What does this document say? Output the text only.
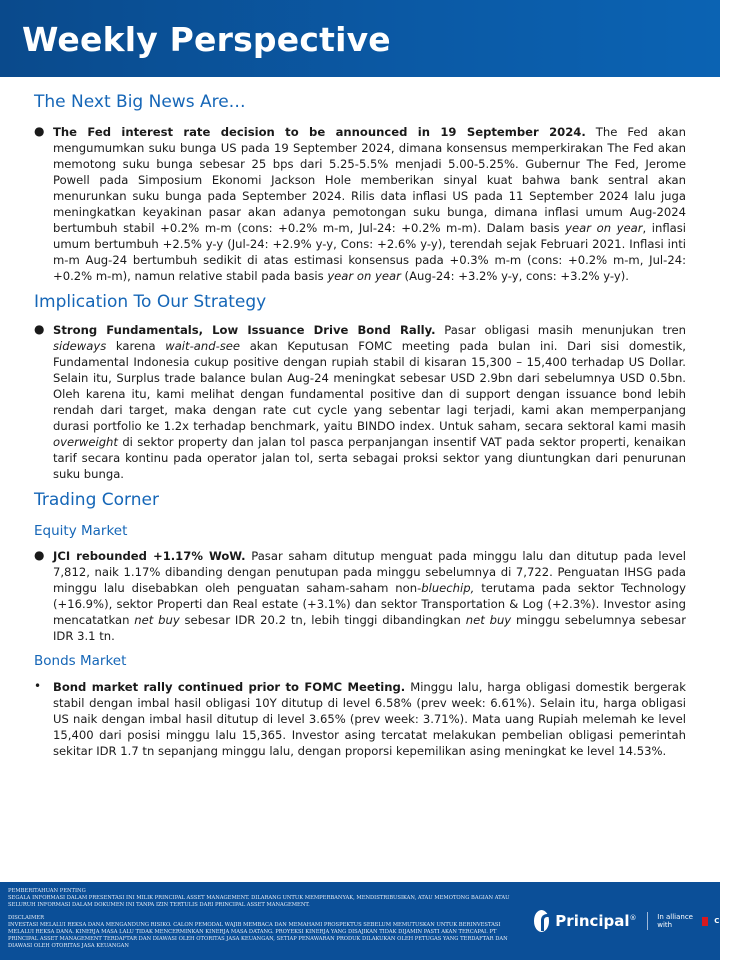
Weekly Perspective
The Next Big News Are…
● The Fed interest rate decision to be announced in 19 September 2024. The Fed akan mengumumkan suku bunga US pada 19 September 2024, dimana konsensus memperkirakan The Fed akan memotong suku bunga sebesar 25 bps dari 5.25-5.5% menjadi 5.00-5.25%. Gubernur The Fed, Jerome Powell pada Simposium Ekonomi Jackson Hole memberikan sinyal kuat bahwa bank sentral akan menurunkan suku bunga pada September 2024. Rilis data inflasi US pada 11 September 2024 lalu juga meningkatkan keyakinan pasar akan adanya pemotongan suku bunga, dimana inflasi umum Aug-2024 bertumbuh stabil +0.2% m-m (cons: +0.2% m-m, Jul-24: +0.2% m-m). Dalam basis year on year, inflasi umum bertumbuh +2.5% y-y (Jul-24: +2.9% y-y, Cons: +2.6% y-y), terendah sejak Februari 2021. Inflasi inti m-m Aug-24 bertumbuh sedikit di atas estimasi konsensus pada +0.3% m-m (cons: +0.2% m-m, Jul-24: +0.2% m-m), namun relative stabil pada basis year on year (Aug-24: +3.2% y-y, cons: +3.2% y-y).
Implication To Our Strategy
● Strong Fundamentals, Low Issuance Drive Bond Rally. Pasar obligasi masih menunjukan tren sideways karena wait-and-see akan Keputusan FOMC meeting pada bulan ini. Dari sisi domestik, Fundamental Indonesia cukup positive dengan rupiah stabil di kisaran 15,300 – 15,400 terhadap US Dollar. Selain itu, Surplus trade balance bulan Aug-24 meningkat sebesar USD 2.9bn dari sebelumnya USD 0.5bn. Oleh karena itu, kami melihat dengan fundamental positive dan di support dengan issuance bond lebih rendah dari target, maka dengan rate cut cycle yang sebentar lagi terjadi, kami akan memperpanjang durasi portfolio ke 1.2x terhadap benchmark, yaitu BINDO index. Untuk saham, secara sektoral kami masih overweight di sektor property dan jalan tol pasca perpanjangan insentif VAT pada sektor properti, kenaikan tarif secara kontinu pada operator jalan tol, serta sebagai proksi sektor yang diuntungkan dari penurunan suku bunga.
Trading Corner
Equity Market
● JCI rebounded +1.17% WoW. Pasar saham ditutup menguat pada minggu lalu dan ditutup pada level 7,812, naik 1.17% dibanding dengan penutupan pada minggu sebelumnya di 7,722. Penguatan IHSG pada minggu lalu disebabkan oleh penguatan saham-saham non-bluechip, terutama pada sektor Technology (+16.9%), sektor Properti dan Real estate (+3.1%) dan sektor Transportation & Log (+2.3%). Investor asing mencatatkan net buy sebesar IDR 20.2 tn, lebih tinggi dibandingkan net buy minggu sebelumnya sebesar IDR 3.1 tn.
Bonds Market
• Bond market rally continued prior to FOMC Meeting. Minggu lalu, harga obligasi domestik bergerak stabil dengan imbal hasil obligasi 10Y ditutup di level 6.58% (prev week: 6.61%). Selain itu, harga obligasi US naik dengan imbal hasil ditutup di level 3.65% (prev week: 3.71%). Mata uang Rupiah melemah ke level 15,400 dari posisi minggu lalu 15,365. Investor asing tercatat melakukan pembelian obligasi pemerintah sekitar IDR 1.7 tn sepanjang minggu lalu, dengan proporsi kepemilikan asing meningkat ke level 14.53%.
PEMBERITAHUAN PENTING
SEGALA INFORMASI DALAM PRESENTASI INI MILIK PRINCIPAL ASSET MANAGEMENT. DILARANG UNTUK MEMPERBANYAK, MENDISTRIBUSIKAN, ATAU MEMOTONG BAGIAN ATAU SELURUH INFORMASI DALAM DOKUMEN INI TANPA IZIN TERTULIS DARI PRINCIPAL ASSET MANAGEMENT.
DISCLAIMER
INVESTASI MELALUI REKSA DANA MENGANDUNG RISIKO. CALON PEMODAL WAJIB MEMBACA DAN MEMAHAMI PROSPEKTUS SEBELUM MEMUTUSKAN UNTUK BERINVESTASI MELALUI REKSA DANA. KINERJA MASA LALU TIDAK MENCERMINKAN KINERJA MASA DATANG. PROYEKSI KINERJA YANG DISAJIKAN TIDAK DIJAMIN PASTI AKAN TERCAPAI. PT PRINCIPAL ASSET MANAGEMENT TERDAFTAR DAN DIAWASI OLEH OTORITAS JASA KEUANGAN, SETIAP PENAWARAN PRODUK DILAKUKAN OLEH PETUGAS YANG TERDAFTAR DAN DIAWASI OLEH OTORITAS JASA KEUANGAN
Principal®	In alliance with	CIMB
